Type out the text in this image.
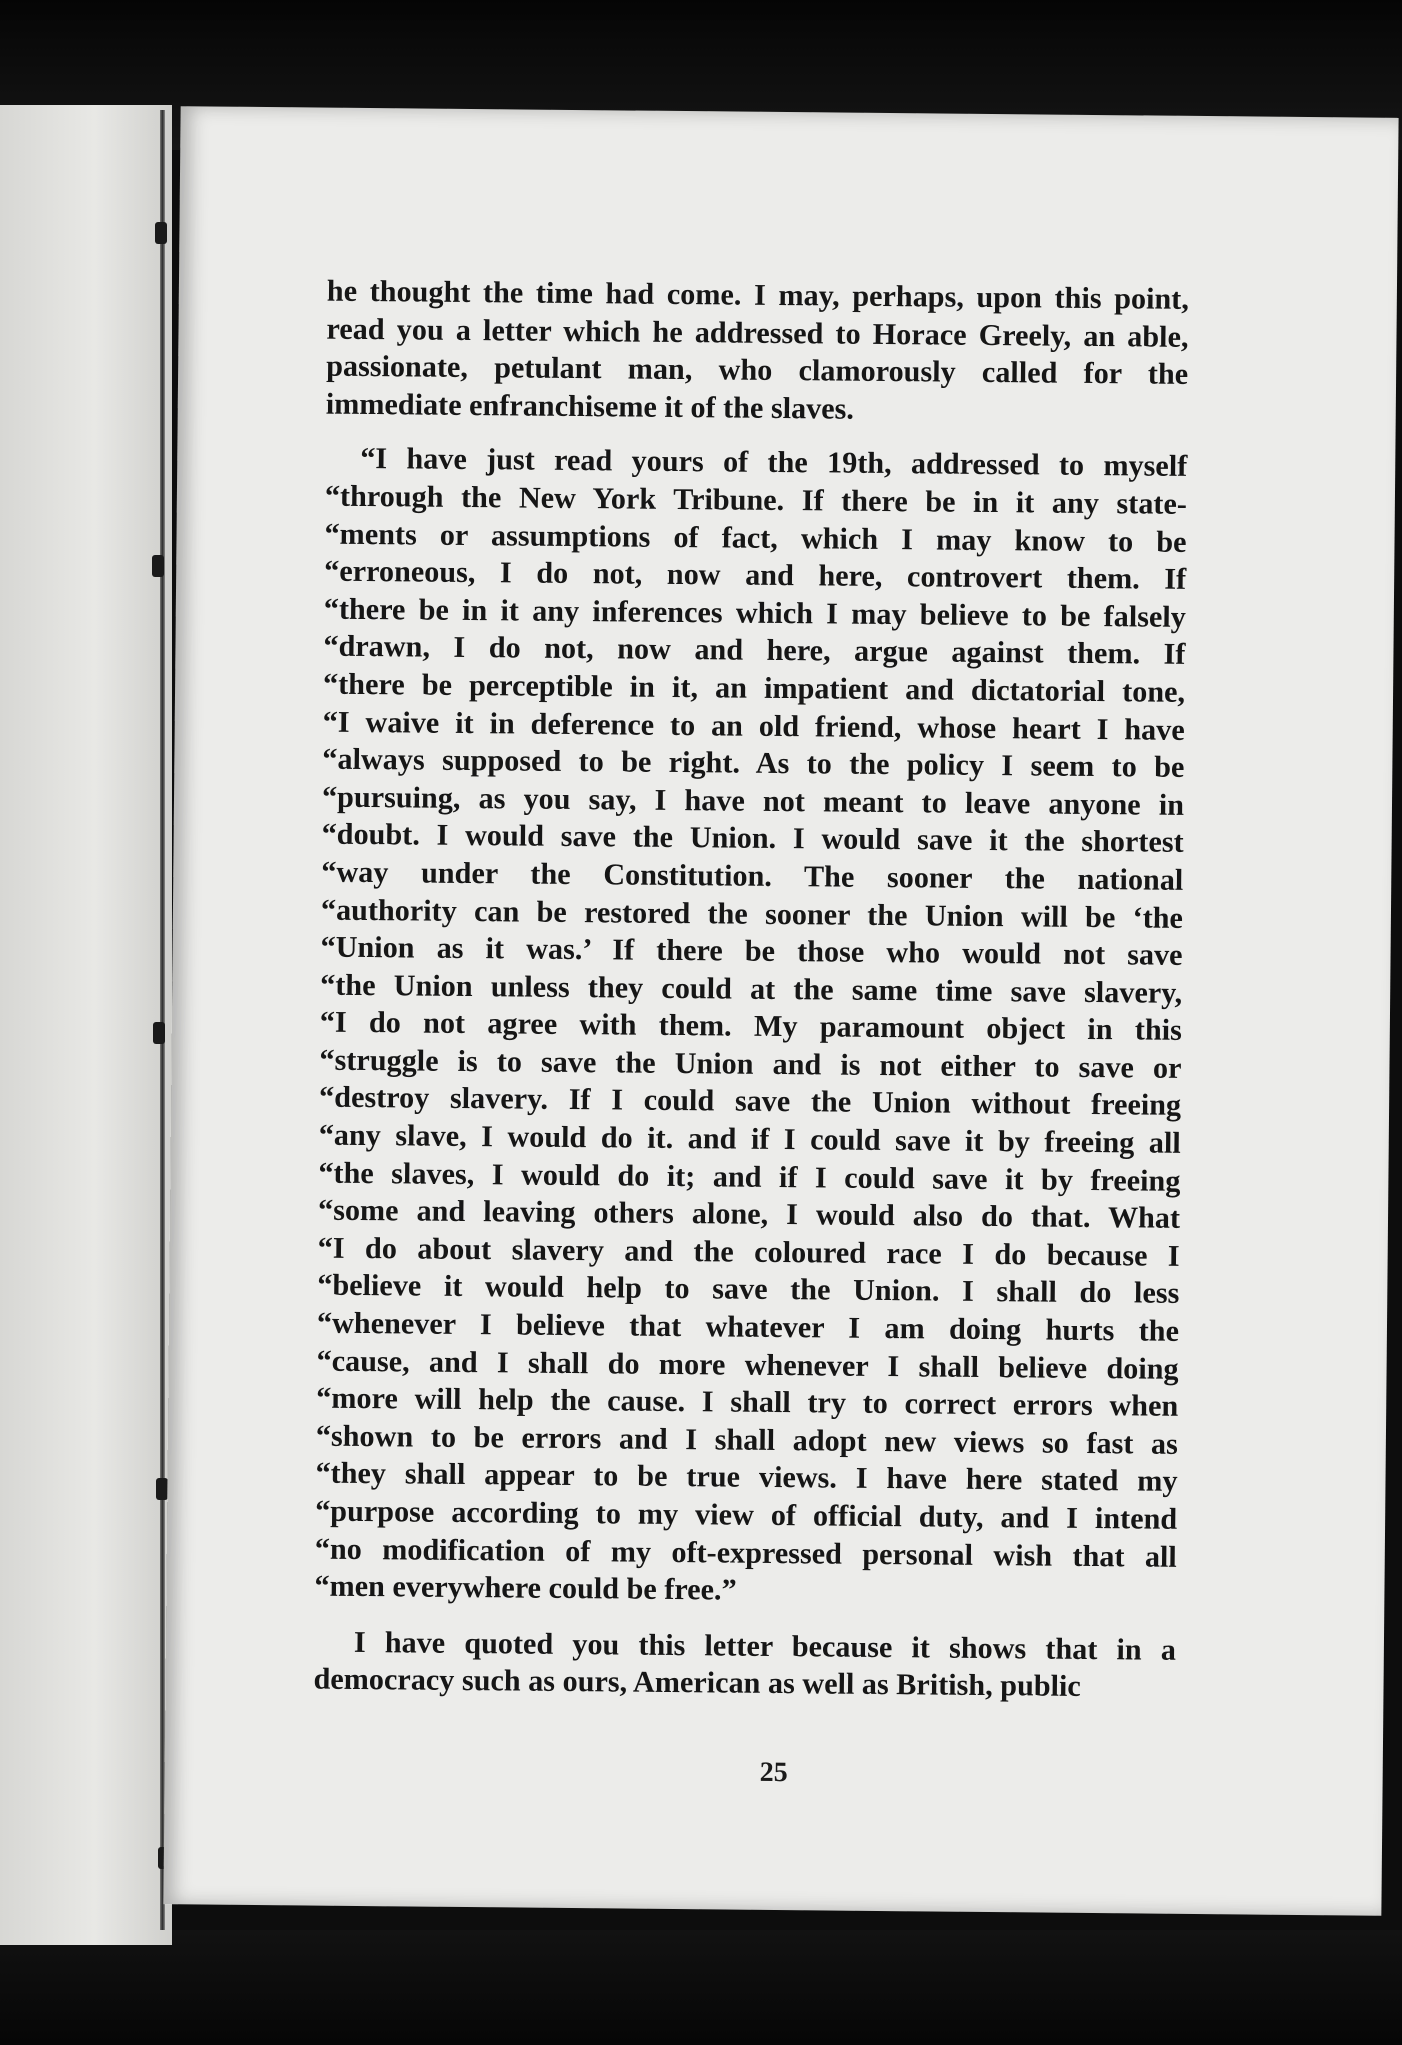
he thought the time had come. I may, perhaps, upon this point, read you a letter which he addressed to Horace Greely, an able, passionate, petulant man, who clamorously called for the immediate enfranchiseme it of the slaves.

“I have just read yours of the 19th, addressed to myself
“through the New York Tribune. If there be in it any state-
“ments or assumptions of fact, which I may know to be
“erroneous, I do not, now and here, controvert them. If
“there be in it any inferences which I may believe to be falsely
“drawn, I do not, now and here, argue against them. If
“there be perceptible in it, an impatient and dictatorial tone,
“I waive it in deference to an old friend, whose heart I have
“always supposed to be right. As to the policy I seem to be
“pursuing, as you say, I have not meant to leave anyone in
“doubt. I would save the Union. I would save it the shortest
“way under the Constitution. The sooner the national
“authority can be restored the sooner the Union will be ‘the
“Union as it was.’ If there be those who would not save
“the Union unless they could at the same time save slavery,
“I do not agree with them. My paramount object in this
“struggle is to save the Union and is not either to save or
“destroy slavery. If I could save the Union without freeing
“any slave, I would do it. and if I could save it by freeing all
“the slaves, I would do it; and if I could save it by freeing
“some and leaving others alone, I would also do that. What
“I do about slavery and the coloured race I do because I
“believe it would help to save the Union. I shall do less
“whenever I believe that whatever I am doing hurts the
“cause, and I shall do more whenever I shall believe doing
“more will help the cause. I shall try to correct errors when
“shown to be errors and I shall adopt new views so fast as
“they shall appear to be true views. I have here stated my
“purpose according to my view of official duty, and I intend
“no modification of my oft-expressed personal wish that all
“men everywhere could be free.”

I have quoted you this letter because it shows that in a democracy such as ours, American as well as British, public

25
